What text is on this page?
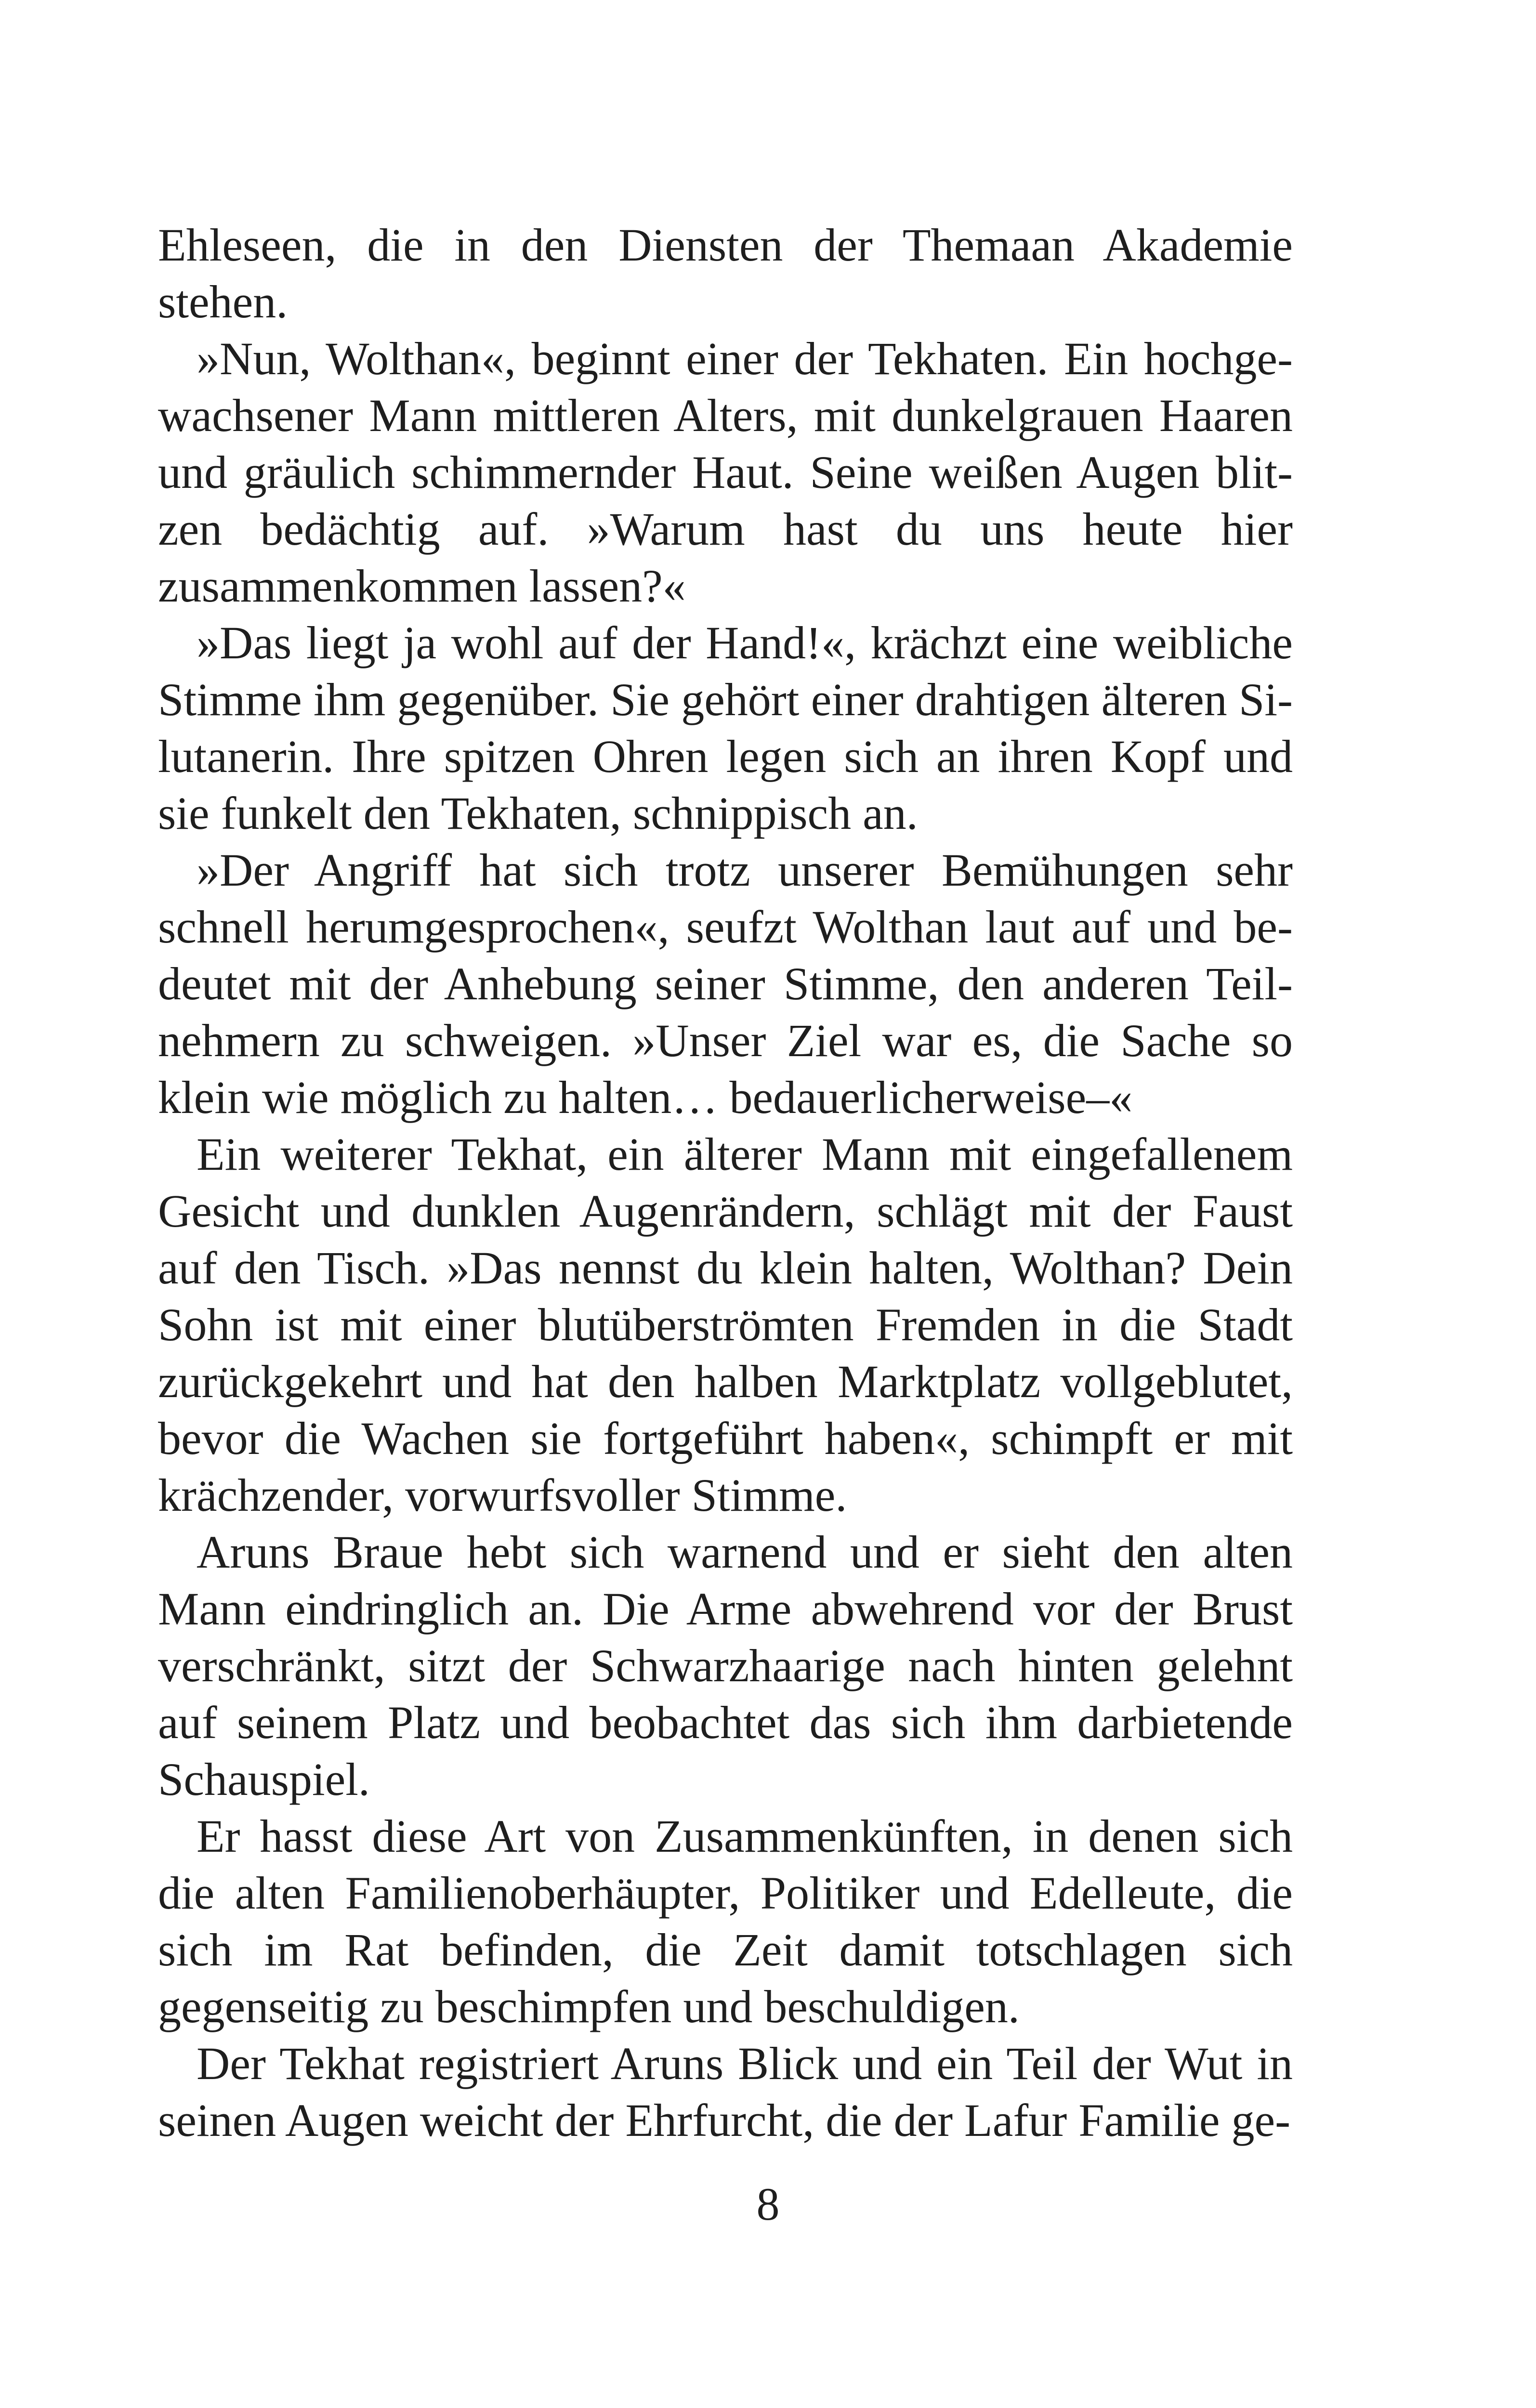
Ehleseen, die in den Diensten der Themaan Akademie stehen.

»Nun, Wolthan«, beginnt einer der Tekhaten. Ein hochgewachsener Mann mittleren Alters, mit dunkelgrauen Haaren und gräulich schimmernder Haut. Seine weißen Augen blitzen bedächtig auf. »Warum hast du uns heute hier zusammenkommen lassen?«

»Das liegt ja wohl auf der Hand!«, krächzt eine weibliche Stimme ihm gegenüber. Sie gehört einer drahtigen älteren Silutanerin. Ihre spitzen Ohren legen sich an ihren Kopf und sie funkelt den Tekhaten, schnippisch an.

»Der Angriff hat sich trotz unserer Bemühungen sehr schnell herumgesprochen«, seufzt Wolthan laut auf und bedeutet mit der Anhebung seiner Stimme, den anderen Teilnehmern zu schweigen. »Unser Ziel war es, die Sache so klein wie möglich zu halten… bedauerlicherweise–«

Ein weiterer Tekhat, ein älterer Mann mit eingefallenem Gesicht und dunklen Augenrändern, schlägt mit der Faust auf den Tisch. »Das nennst du klein halten, Wolthan? Dein Sohn ist mit einer blutüberströmten Fremden in die Stadt zurückgekehrt und hat den halben Marktplatz vollgeblutet, bevor die Wachen sie fortgeführt haben«, schimpft er mit krächzender, vorwurfsvoller Stimme.

Aruns Braue hebt sich warnend und er sieht den alten Mann eindringlich an. Die Arme abwehrend vor der Brust verschränkt, sitzt der Schwarzhaarige nach hinten gelehnt auf seinem Platz und beobachtet das sich ihm darbietende Schauspiel.

Er hasst diese Art von Zusammenkünften, in denen sich die alten Familienoberhäupter, Politiker und Edelleute, die sich im Rat befinden, die Zeit damit totschlagen sich gegenseitig zu beschimpfen und beschuldigen.

Der Tekhat registriert Aruns Blick und ein Teil der Wut in seinen Augen weicht der Ehrfurcht, die der Lafur Familie ge-

8
